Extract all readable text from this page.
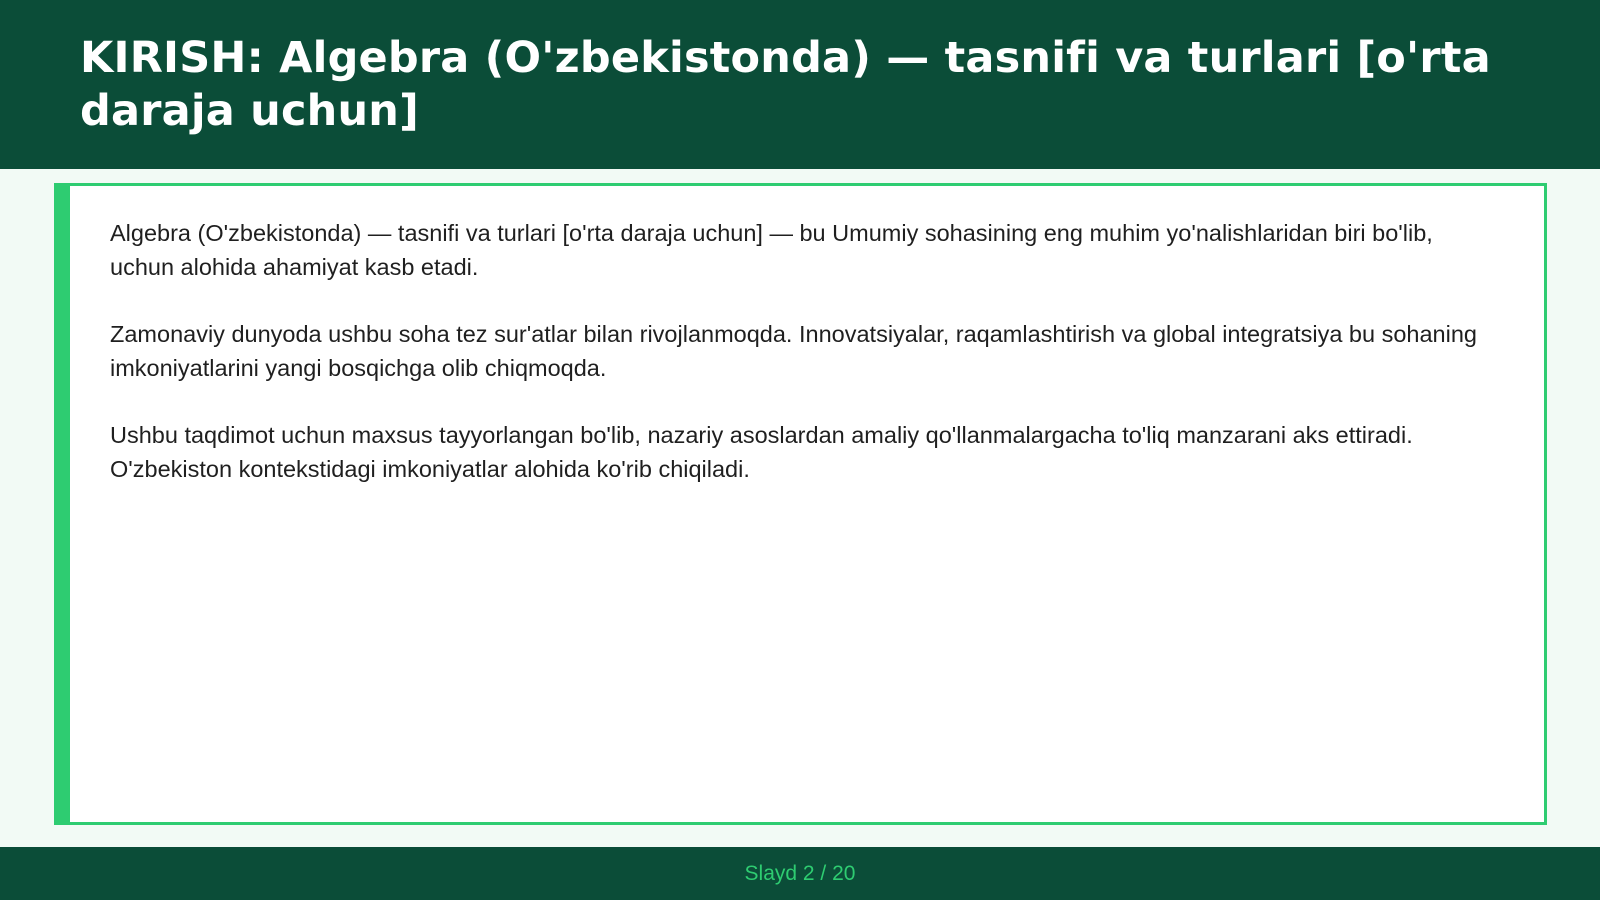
KIRISH: Algebra (O'zbekistonda) — tasnifi va turlari [o'rta daraja uchun]

Algebra (O'zbekistonda) — tasnifi va turlari [o'rta daraja uchun] — bu Umumiy sohasining eng muhim yo'nalishlaridan biri bo'lib, uchun alohida ahamiyat kasb etadi.

Zamonaviy dunyoda ushbu soha tez sur'atlar bilan rivojlanmoqda. Innovatsiyalar, raqamlashtirish va global integratsiya bu sohaning imkoniyatlarini yangi bosqichga olib chiqmoqda.

Ushbu taqdimot uchun maxsus tayyorlangan bo'lib, nazariy asoslardan amaliy qo'llanmalargacha to'liq manzarani aks ettiradi. O'zbekiston kontekstidagi imkoniyatlar alohida ko'rib chiqiladi.

Slayd 2 / 20
